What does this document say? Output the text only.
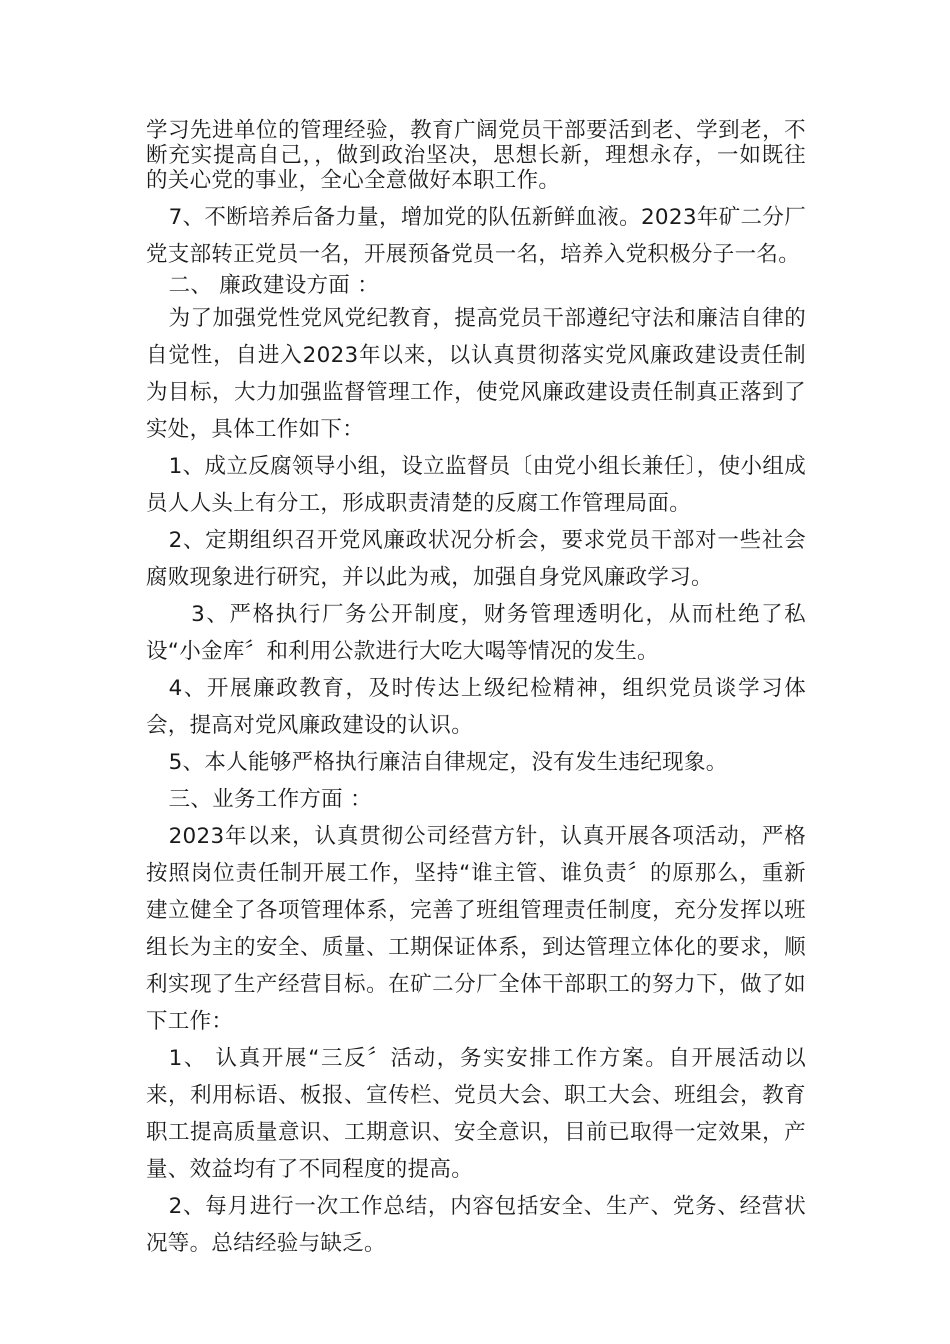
学习先进单位的管理经验，教育广阔党员干部要活到老、学到老，不断充实提高自己，，做到政治坚决，思想长新，理想永存，一如既往的关心党的事业，全心全意做好本职工作。

7、不断培养后备力量，增加党的队伍新鲜血液。2023年矿二分厂党支部转正党员一名，开展预备党员一名，培养入党积极分子一名。

二、 廉政建设方面 ：

为了加强党性党风党纪教育，提高党员干部遵纪守法和廉洁自律的自觉性，自进入2023年以来，以认真贯彻落实党风廉政建设责任制为目标，大力加强监督管理工作，使党风廉政建设责任制真正落到了实处，具体工作如下：

1、成立反腐领导小组，设立监督员〔由党小组长兼任〕，使小组成员人人头上有分工，形成职责清楚的反腐工作管理局面。

2、定期组织召开党风廉政状况分析会，要求党员干部对一些社会腐败现象进行研究，并以此为戒，加强自身党风廉政学习。

3、严格执行厂务公开制度，财务管理透明化，从而杜绝了私设“小金库〞和利用公款进行大吃大喝等情况的发生。

4、开展廉政教育，及时传达上级纪检精神，组织党员谈学习体会，提高对党风廉政建设的认识。

5、本人能够严格执行廉洁自律规定，没有发生违纪现象。

三、业务工作方面 ：

2023年以来，认真贯彻公司经营方针，认真开展各项活动，严格按照岗位责任制开展工作，坚持“谁主管、谁负责〞的原那么，重新建立健全了各项管理体系，完善了班组管理责任制度，充分发挥以班组长为主的安全、质量、工期保证体系，到达管理立体化的要求，顺利实现了生产经营目标。在矿二分厂全体干部职工的努力下，做了如下工作：

1、 认真开展“三反〞活动，务实安排工作方案。自开展活动以来，利用标语、板报、宣传栏、党员大会、职工大会、班组会，教育职工提高质量意识、工期意识、安全意识，目前已取得一定效果，产量、效益均有了不同程度的提高。

2、每月进行一次工作总结，内容包括安全、生产、党务、经营状况等。总结经验与缺乏。
